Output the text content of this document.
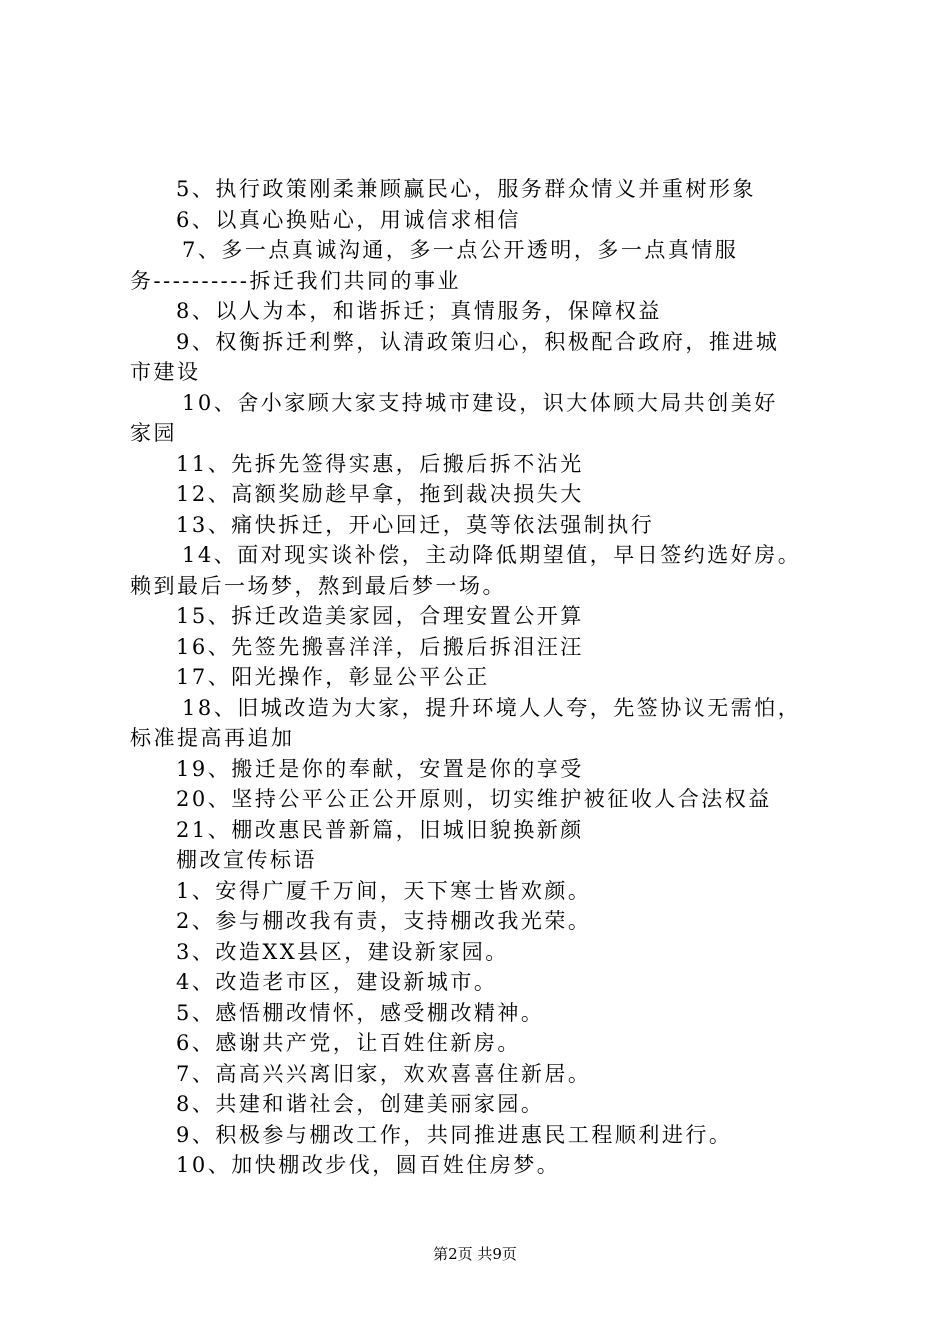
5、执行政策刚柔兼顾赢民心，服务群众情义并重树形象
6、以真心换贴心，用诚信求相信
7、多一点真诚沟通，多一点公开透明，多一点真情服
务----------拆迁我们共同的事业
8、以人为本，和谐拆迁；真情服务，保障权益
9、权衡拆迁利弊，认清政策归心，积极配合政府，推进城
市建设
10、舍小家顾大家支持城市建设，识大体顾大局共创美好
家园
11、先拆先签得实惠，后搬后拆不沾光
12、高额奖励趁早拿，拖到裁决损失大
13、痛快拆迁，开心回迁，莫等依法强制执行
14、面对现实谈补偿，主动降低期望值，早日签约选好房。
赖到最后一场梦，熬到最后梦一场。
15、拆迁改造美家园，合理安置公开算
16、先签先搬喜洋洋，后搬后拆泪汪汪
17、阳光操作，彰显公平公正
18、旧城改造为大家，提升环境人人夸，先签协议无需怕，
标准提高再追加
19、搬迁是你的奉献，安置是你的享受
20、坚持公平公正公开原则，切实维护被征收人合法权益
21、棚改惠民普新篇，旧城旧貌换新颜
棚改宣传标语
1、安得广厦千万间，天下寒士皆欢颜。
2、参与棚改我有责，支持棚改我光荣。
3、改造XX县区，建设新家园。
4、改造老市区，建设新城市。
5、感悟棚改情怀，感受棚改精神。
6、感谢共产党，让百姓住新房。
7、高高兴兴离旧家，欢欢喜喜住新居。
8、共建和谐社会，创建美丽家园。
9、积极参与棚改工作，共同推进惠民工程顺利进行。
10、加快棚改步伐，圆百姓住房梦。
第2页 共9页
